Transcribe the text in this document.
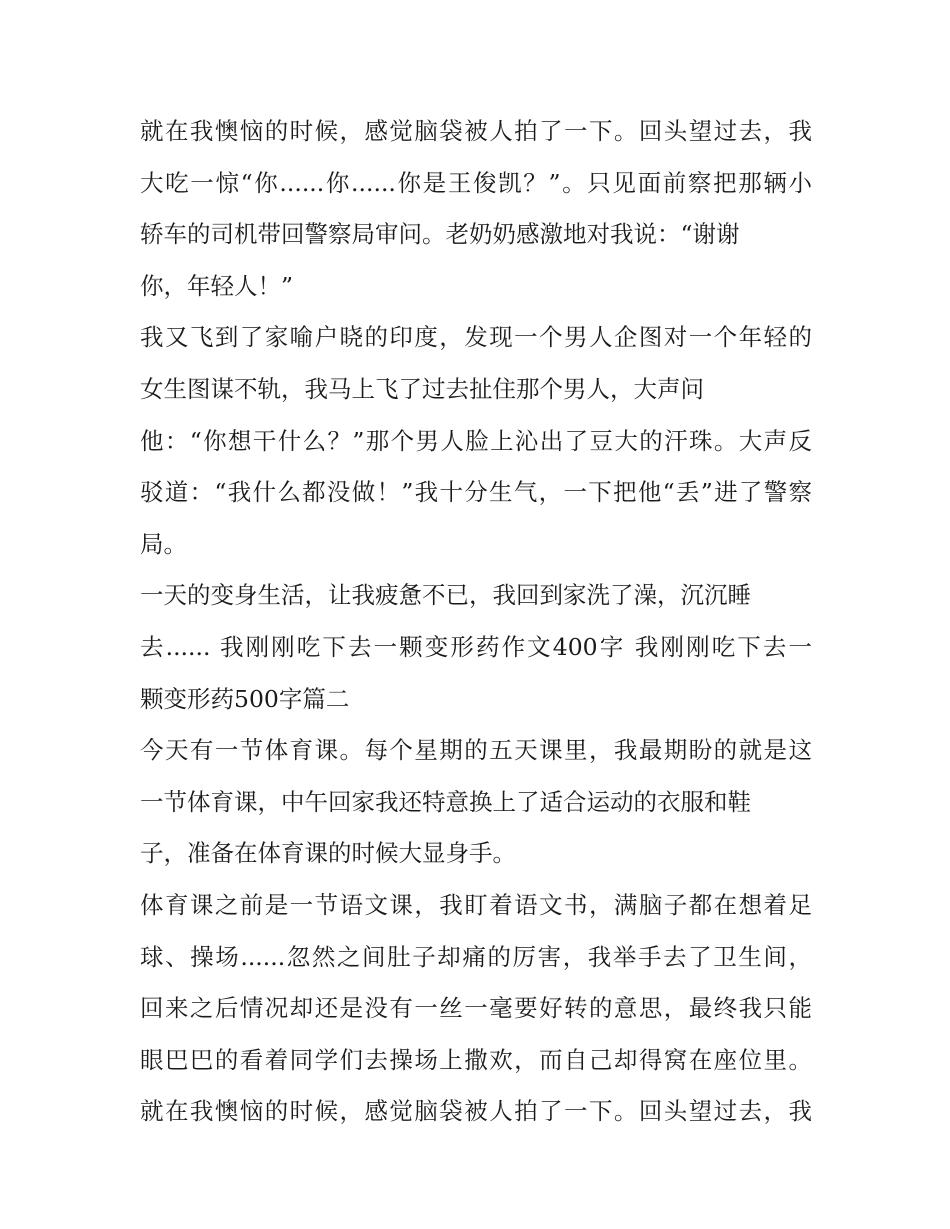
就在我懊恼的时候，感觉脑袋被人拍了一下。回头望过去，我
大吃一惊“你......你......你是王俊凯？”。只见面前察把那辆小
轿车的司机带回警察局审问。老奶奶感激地对我说：“谢谢
你，年轻人！”
我又飞到了家喻户晓的印度，发现一个男人企图对一个年轻的
女生图谋不轨，我马上飞了过去扯住那个男人，大声问
他：“你想干什么？”那个男人脸上沁出了豆大的汗珠。大声反
驳道：“我什么都没做！”我十分生气，一下把他“丢”进了警察
局。
一天的变身生活，让我疲惫不已，我回到家洗了澡，沉沉睡
去...... 我刚刚吃下去一颗变形药作文400字 我刚刚吃下去一
颗变形药500字篇二
今天有一节体育课。每个星期的五天课里，我最期盼的就是这
一节体育课，中午回家我还特意换上了适合运动的衣服和鞋
子，准备在体育课的时候大显身手。
体育课之前是一节语文课，我盯着语文书，满脑子都在想着足
球、操场......忽然之间肚子却痛的厉害，我举手去了卫生间，
回来之后情况却还是没有一丝一毫要好转的意思，最终我只能
眼巴巴的看着同学们去操场上撒欢，而自己却得窝在座位里。
就在我懊恼的时候，感觉脑袋被人拍了一下。回头望过去，我
